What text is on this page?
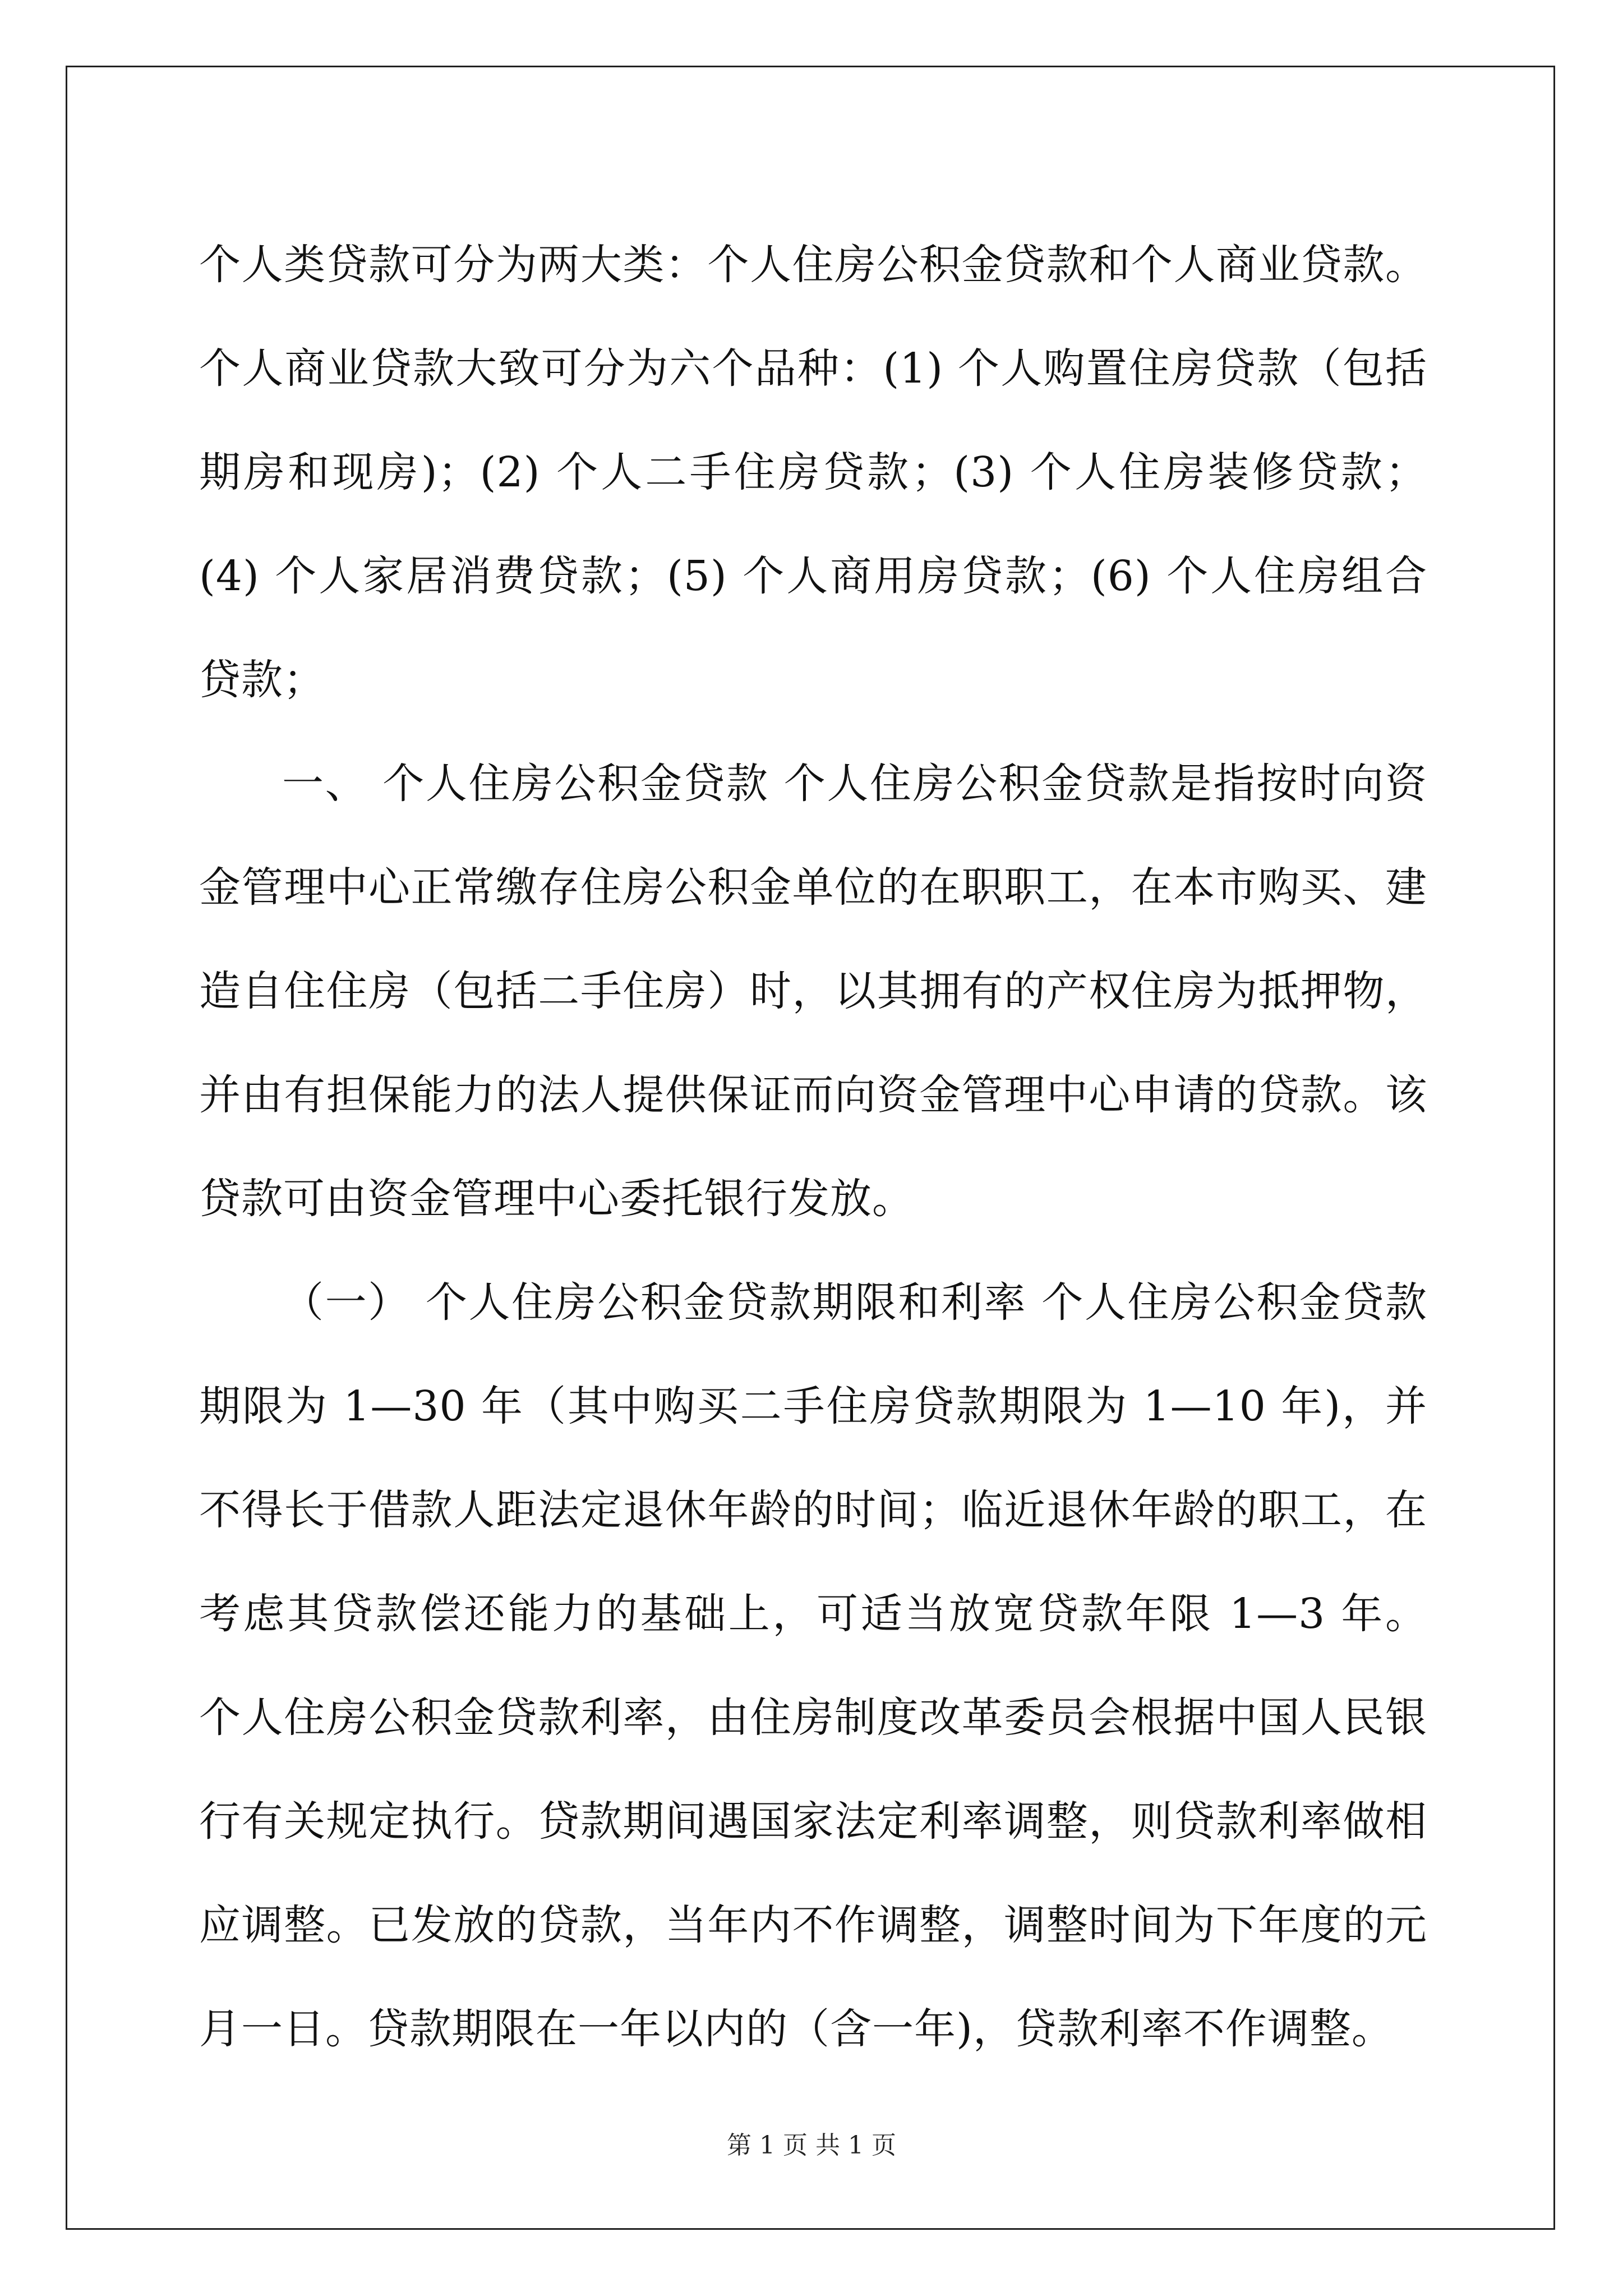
个人类贷款可分为两大类：个人住房公积金贷款和个人商业贷款。个人商业贷款大致可分为六个品种：(1) 个人购置住房贷款（包括期房和现房)；(2) 个人二手住房贷款；(3) 个人住房装修贷款；(4) 个人家居消费贷款；(5) 个人商用房贷款；(6) 个人住房组合贷款；

一、 个人住房公积金贷款 个人住房公积金贷款是指按时向资金管理中心正常缴存住房公积金单位的在职职工，在本市购买、建造自住住房（包括二手住房）时，以其拥有的产权住房为抵押物，并由有担保能力的法人提供保证而向资金管理中心申请的贷款。该贷款可由资金管理中心委托银行发放。

（一） 个人住房公积金贷款期限和利率 个人住房公积金贷款期限为 1—30 年（其中购买二手住房贷款期限为 1—10 年)，并不得长于借款人距法定退休年龄的时间；临近退休年龄的职工，在考虑其贷款偿还能力的基础上，可适当放宽贷款年限 1—3 年。 个人住房公积金贷款利率，由住房制度改革委员会根据中国人民银行有关规定执行。贷款期间遇国家法定利率调整，则贷款利率做相应调整。已发放的贷款，当年内不作调整，调整时间为下年度的元月一日。贷款期限在一年以内的（含一年)，贷款利率不作调整。

第 1 页 共 1 页
